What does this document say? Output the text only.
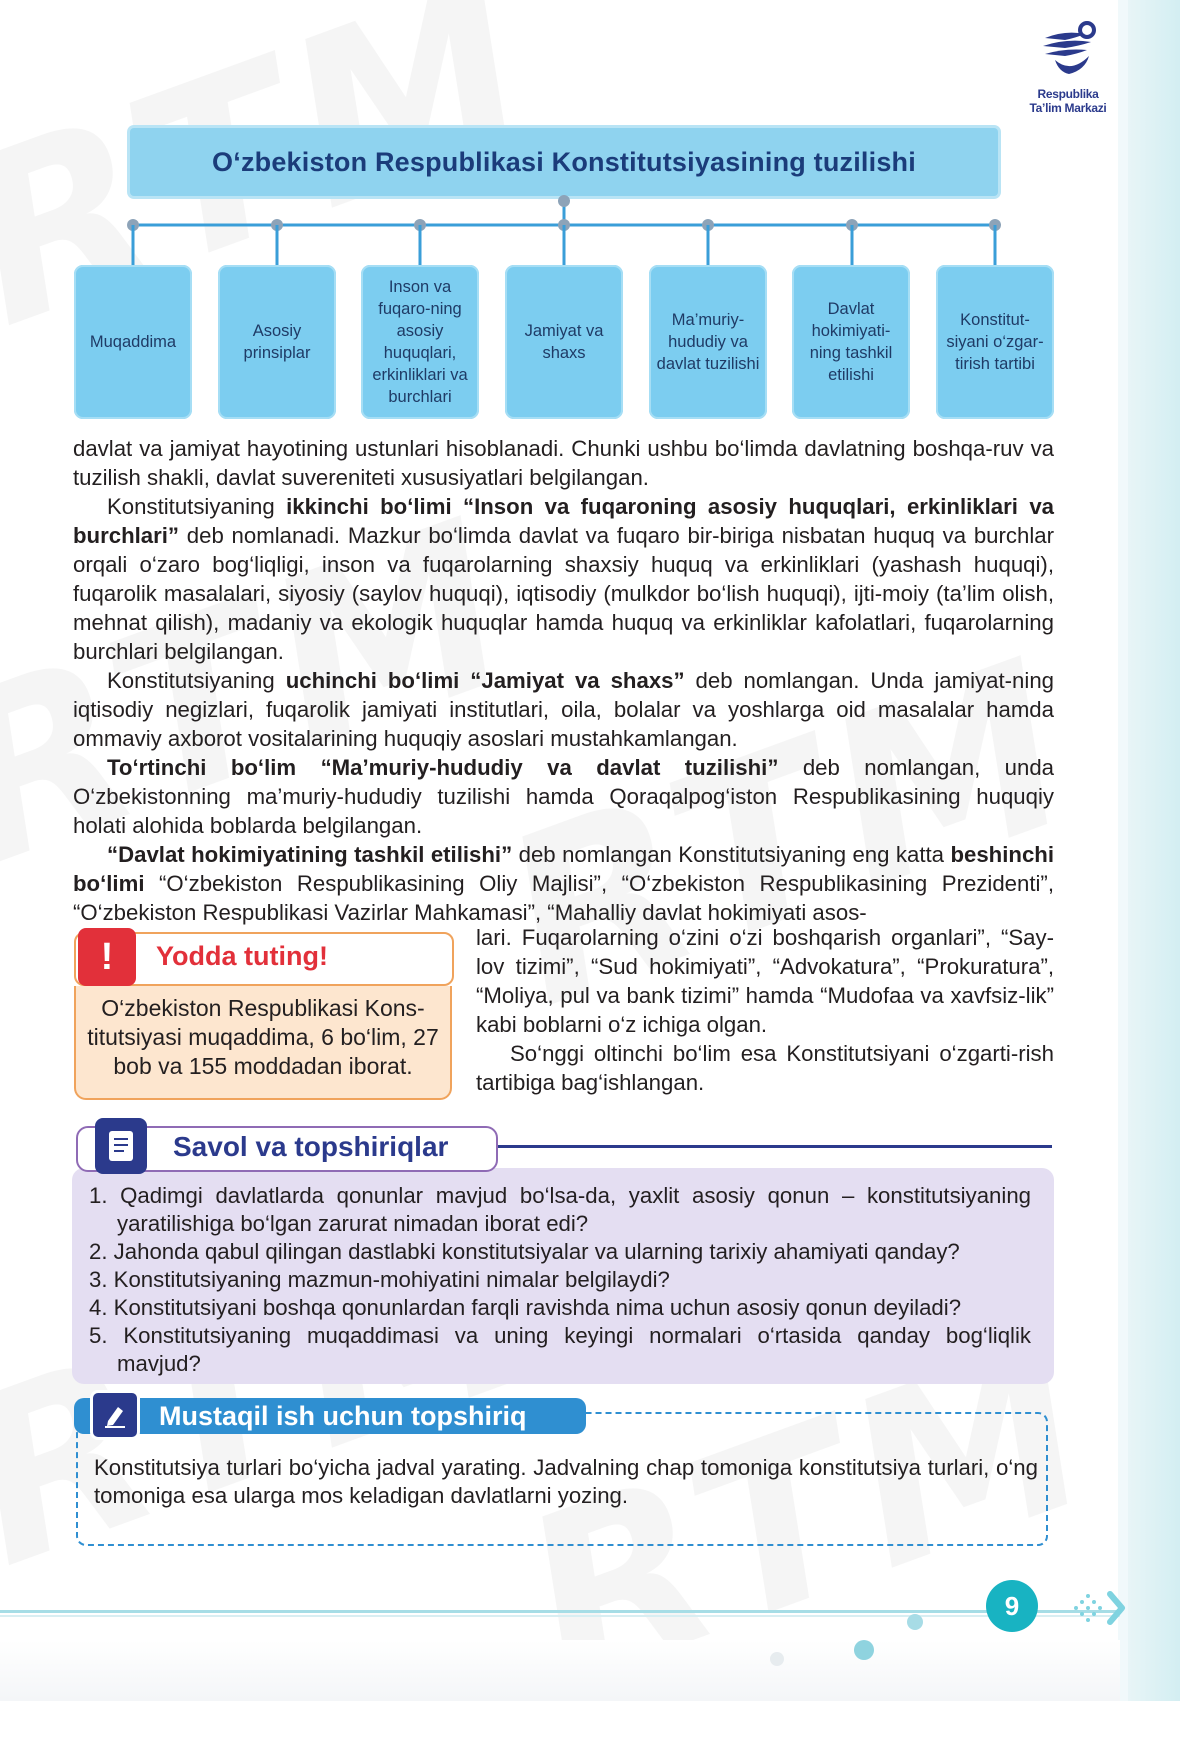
Respublika
Ta’lim Markazi
O‘zbekiston Respublikasi Konstitutsiyasining tuzilishi
Muqaddima
Asosiy prinsiplar
Inson va fuqaro-ning asosiy huquqlari, erkinliklari va burchlari
Jamiyat va shaxs
Ma’muriy-hududiy va davlat tuzilishi
Davlat hokimiyati-ning tashkil etilishi
Konstitut-siyani o‘zgar-tirish tartibi

davlat va jamiyat hayotining ustunlari hisoblanadi. Chunki ushbu bo‘limda davlatning boshqa-ruv va tuzilish shakli, davlat suvereniteti xususiyatlari belgilangan.

Konstitutsiyaning ikkinchi bo‘limi “Inson va fuqaroning asosiy huquqlari, erkinliklari va burchlari” deb nomlanadi. Mazkur bo‘limda davlat va fuqaro bir-biriga nisbatan huquq va burchlar orqali o‘zaro bog‘liqligi, inson va fuqarolarning shaxsiy huquq va erkinliklari (yashash huquqi), fuqarolik masalalari, siyosiy (saylov huquqi), iqtisodiy (mulkdor bo‘lish huquqi), ijti-moiy (ta’lim olish, mehnat qilish), madaniy va ekologik huquqlar hamda huquq va erkinliklar kafolatlari, fuqarolarning burchlari belgilangan.

Konstitutsiyaning uchinchi bo‘limi “Jamiyat va shaxs” deb nomlangan. Unda jamiyat-ning iqtisodiy negizlari, fuqarolik jamiyati institutlari, oila, bolalar va yoshlarga oid masalalar hamda ommaviy axborot vositalarining huquqiy asoslari mustahkamlangan.

To‘rtinchi bo‘lim “Ma’muriy-hududiy va davlat tuzilishi” deb nomlangan, unda O‘zbekistonning ma’muriy-hududiy tuzilishi hamda Qoraqalpog‘iston Respublikasining huquqiy holati alohida boblarda belgilangan.

“Davlat hokimiyatining tashkil etilishi” deb nomlangan Konstitutsiyaning eng katta beshinchi bo‘limi “O‘zbekiston Respublikasining Oliy Majlisi”, “O‘zbekiston Respublikasining Prezidenti”, “O‘zbekiston Respublikasi Vazirlar Mahkamasi”, “Mahalliy davlat hokimiyati asos-

lari. Fuqarolarning o‘zini o‘zi boshqarish organlari”, “Say-lov tizimi”, “Sud hokimiyati”, “Advokatura”, “Prokuratura”, “Moliya, pul va bank tizimi” hamda “Mudofaa va xavfsiz-lik” kabi boblarni o‘z ichiga olgan.

So‘nggi oltinchi bo‘lim esa Konstitutsiyani o‘zgarti-rish tartibiga bag‘ishlangan.

O‘zbekiston Respublikasi Kons-titutsiyasi muqaddima, 6 bo‘lim, 27 bob va 155 moddadan iborat.
!	Yodda tuting!
Savol va topshiriqlar
1. Qadimgi davlatlarda qonunlar mavjud bo‘lsa-da, yaxlit asosiy qonun – konstitutsiyaning yaratilishiga bo‘lgan zarurat nimadan iborat edi?
2. Jahonda qabul qilingan dastlabki konstitutsiyalar va ularning tarixiy ahamiyati qanday?
3. Konstitutsiyaning mazmun-mohiyatini nimalar belgilaydi?
4. Konstitutsiyani boshqa qonunlardan farqli ravishda nima uchun asosiy qonun deyiladi?
5. Konstitutsiyaning muqaddimasi va uning keyingi normalari o‘rtasida qanday bog‘liqlik mavjud?
Mustaqil ish uchun topshiriq
Konstitutsiya turlari bo‘yicha jadval yarating. Jadvalning chap tomoniga konstitutsiya turlari, o‘ng tomoniga esa ularga mos keladigan davlatlarni yozing.
9
